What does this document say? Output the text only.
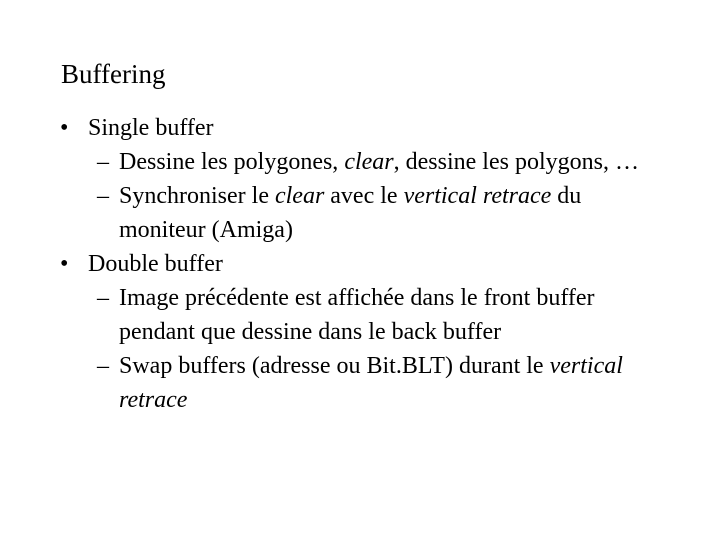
Buffering
• Single buffer
– Dessine les polygones, clear, dessine les polygons, …
– Synchroniser le clear avec le vertical retrace du moniteur (Amiga)
• Double buffer
– Image précédente est affichée dans le front buffer pendant que dessine dans le back buffer
– Swap buffers (adresse ou Bit.BLT) durant le vertical retrace
